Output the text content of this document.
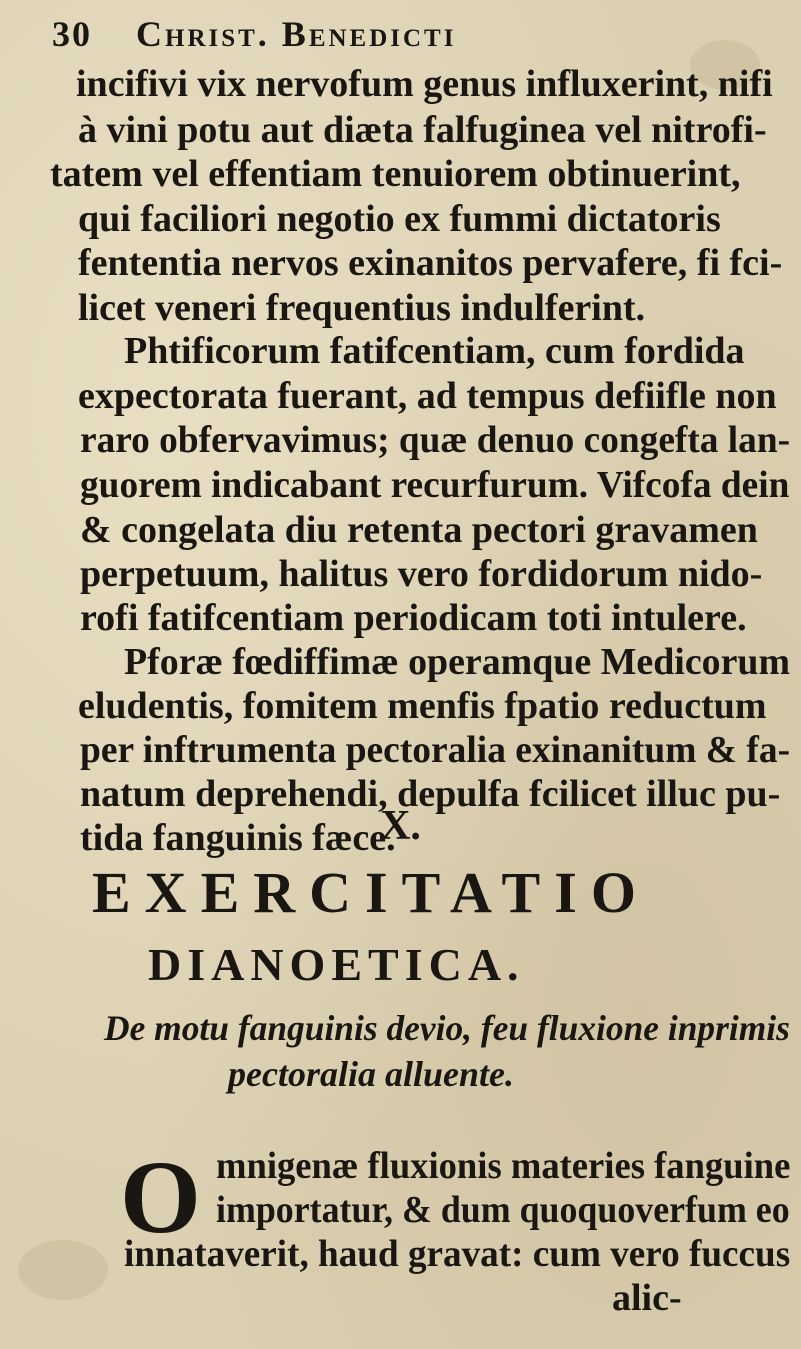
30	Christ. Benedicti
incifivi vix nervofum genus influxerint, nifi
à vini potu aut diæta falfuginea vel nitrofi-
tatem vel effentiam tenuiorem obtinuerint,
qui faciliori negotio ex fummi dictatoris
fententia nervos exinanitos pervafere, fi fci-
licet veneri frequentius indulferint.
Phtificorum fatifcentiam, cum fordida
expectorata fuerant, ad tempus defiifle non
raro obfervavimus; quæ denuo congefta lan-
guorem indicabant recurfurum. Vifcofa dein
& congelata diu retenta pectori gravamen
perpetuum, halitus vero fordidorum nido-
rofi fatifcentiam periodicam toti intulere.
Pforæ fœdiffimæ operamque Medicorum
eludentis, fomitem menfis fpatio reductum
per inftrumenta pectoralia exinanitum & fa-
natum deprehendi, depulfa fcilicet illuc pu-
tida fanguinis fæce.
X.
EXERCITATIO
DIANOETICA.
De motu fanguinis devio, feu fluxione inprimis
pectoralia alluente.
O mnigenæ fluxionis materies fanguine
importatur, & dum quoquoverfum eo
innataverit, haud gravat: cum vero fuccus
alic-
